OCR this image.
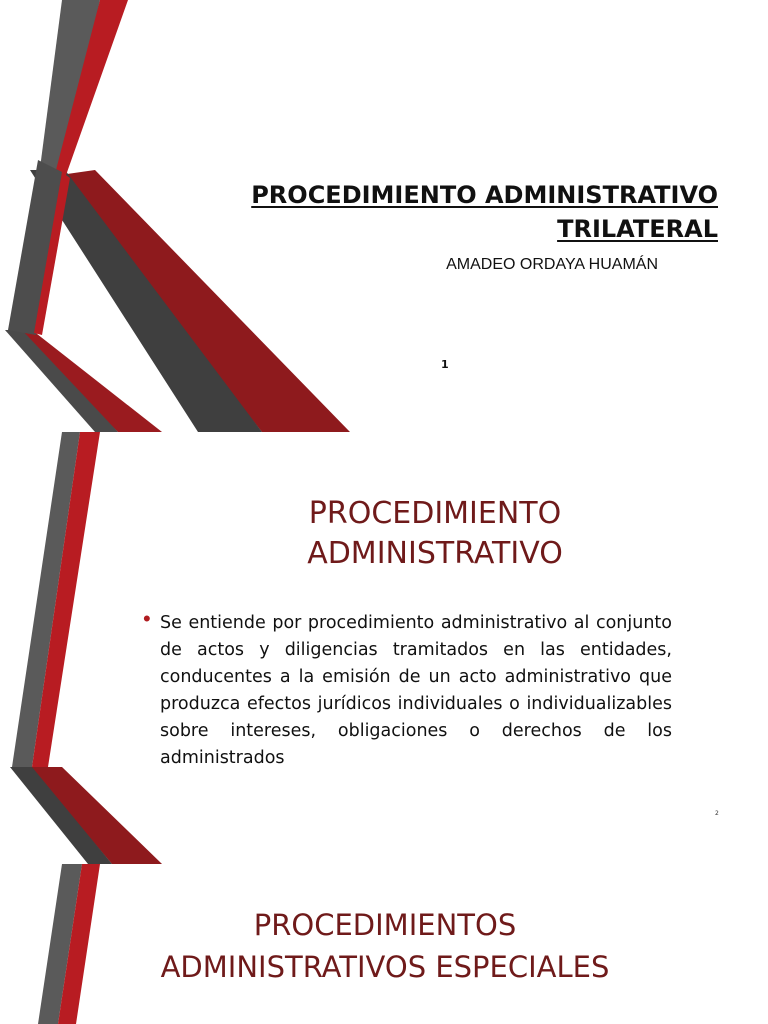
PROCEDIMIENTO ADMINISTRATIVO
TRILATERAL
AMADEO ORDAYA HUAMÁN
1
PROCEDIMIENTO
ADMINISTRATIVO
• Se entiende por procedimiento administrativo al conjunto de actos y diligencias tramitados en las entidades, conducentes a la emisión de un acto administrativo que produzca efectos jurídicos individuales o individualizables sobre intereses, obligaciones o derechos de los administrados
2
PROCEDIMIENTOS
ADMINISTRATIVOS ESPECIALES
